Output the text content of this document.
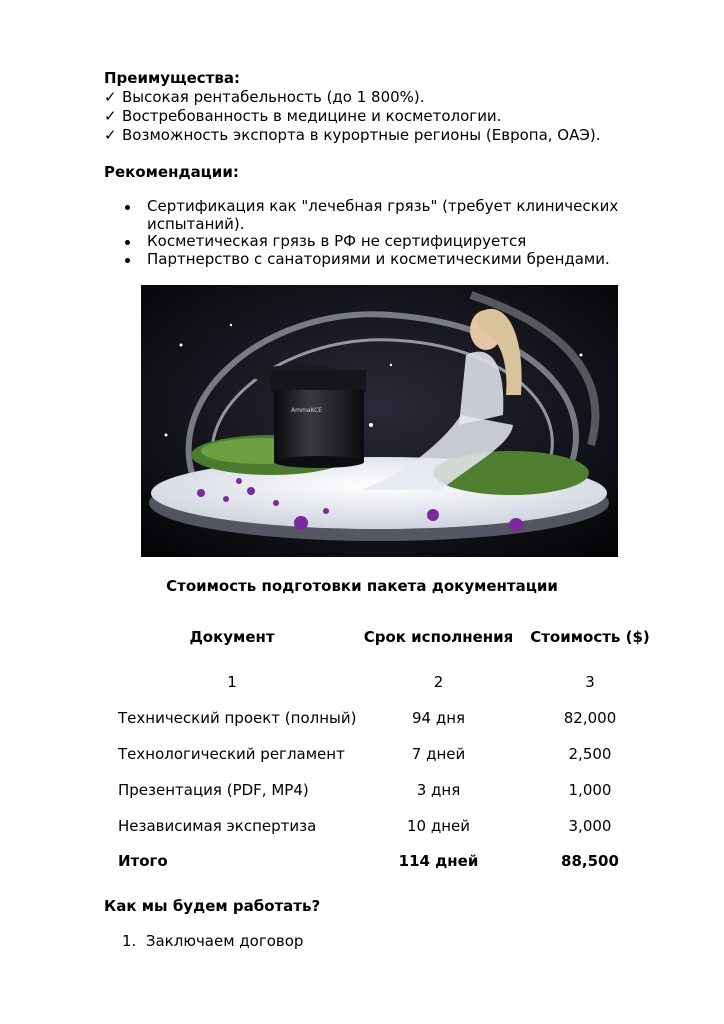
Преимущества:
✓ Высокая рентабельность (до 1 800%).
✓ Востребованность в медицине и косметологии.
✓ Возможность экспорта в курортные регионы (Европа, ОАЭ).
Рекомендации:
Сертификация как "лечебная грязь" (требует клинических испытаний).
Косметическая грязь в РФ не сертифицируется
Партнерство с санаториями и косметическими брендами.
AmmaKCE
Стоимость подготовки пакета документации
Документ	Срок исполнения	Стоимость ($)
1	2	3
Технический проект (полный)	94 дня	82,000
Технологический регламент	7 дней	2,500
Презентация (PDF, MP4)	3 дня	1,000
Независимая экспертиза	10 дней	3,000
Итого	114 дней	88,500
Как мы будем работать?
1. Заключаем договор
